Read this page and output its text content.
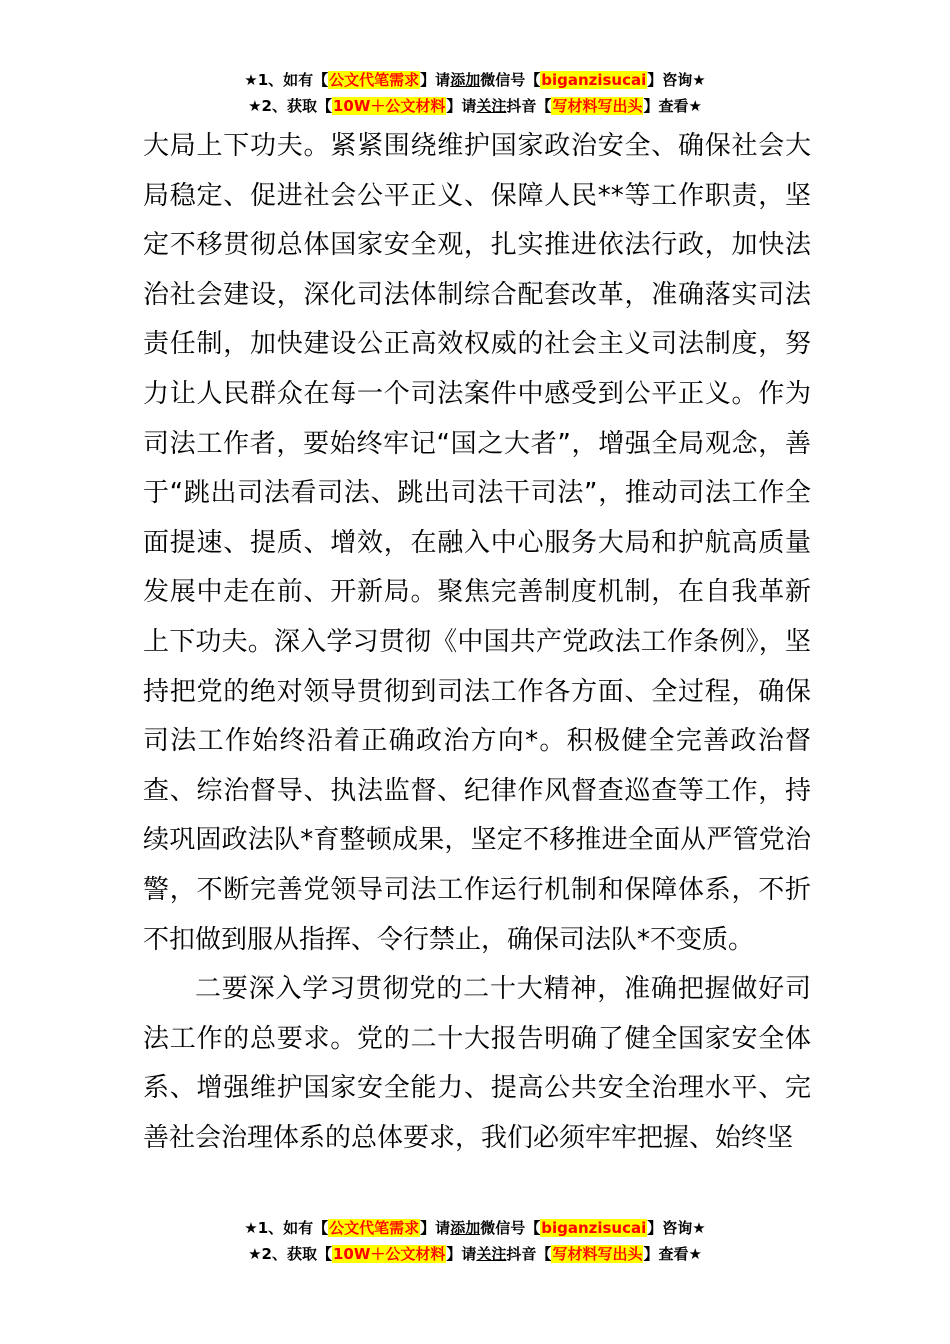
★1、如有【公文代笔需求】请添加微信号【biganzisucai】咨询★
★2、获取【10W＋公文材料】请关注抖音【写材料写出头】查看★

大局上下功夫。紧紧围绕维护国家政治安全、确保社会大局稳定、促进社会公平正义、保障人民**等工作职责，坚定不移贯彻总体国家安全观，扎实推进依法行政，加快法治社会建设，深化司法体制综合配套改革，准确落实司法责任制，加快建设公正高效权威的社会主义司法制度，努力让人民群众在每一个司法案件中感受到公平正义。作为司法工作者，要始终牢记“国之大者”，增强全局观念，善于“跳出司法看司法、跳出司法干司法”，推动司法工作全面提速、提质、增效，在融入中心服务大局和护航高质量发展中走在前、开新局。聚焦完善制度机制，在自我革新上下功夫。深入学习贯彻《中国共产党政法工作条例》，坚持把党的绝对领导贯彻到司法工作各方面、全过程，确保司法工作始终沿着正确政治方向*。积极健全完善政治督查、综治督导、执法监督、纪律作风督查巡查等工作，持续巩固政法队*育整顿成果，坚定不移推进全面从严管党治警，不断完善党领导司法工作运行机制和保障体系，不折不扣做到服从指挥、令行禁止，确保司法队*不变质。

二要深入学习贯彻党的二十大精神，准确把握做好司法工作的总要求。党的二十大报告明确了健全国家安全体系、增强维护国家安全能力、提高公共安全治理水平、完善社会治理体系的总体要求，我们必须牢牢把握、始终坚

★1、如有【公文代笔需求】请添加微信号【biganzisucai】咨询★
★2、获取【10W＋公文材料】请关注抖音【写材料写出头】查看★
